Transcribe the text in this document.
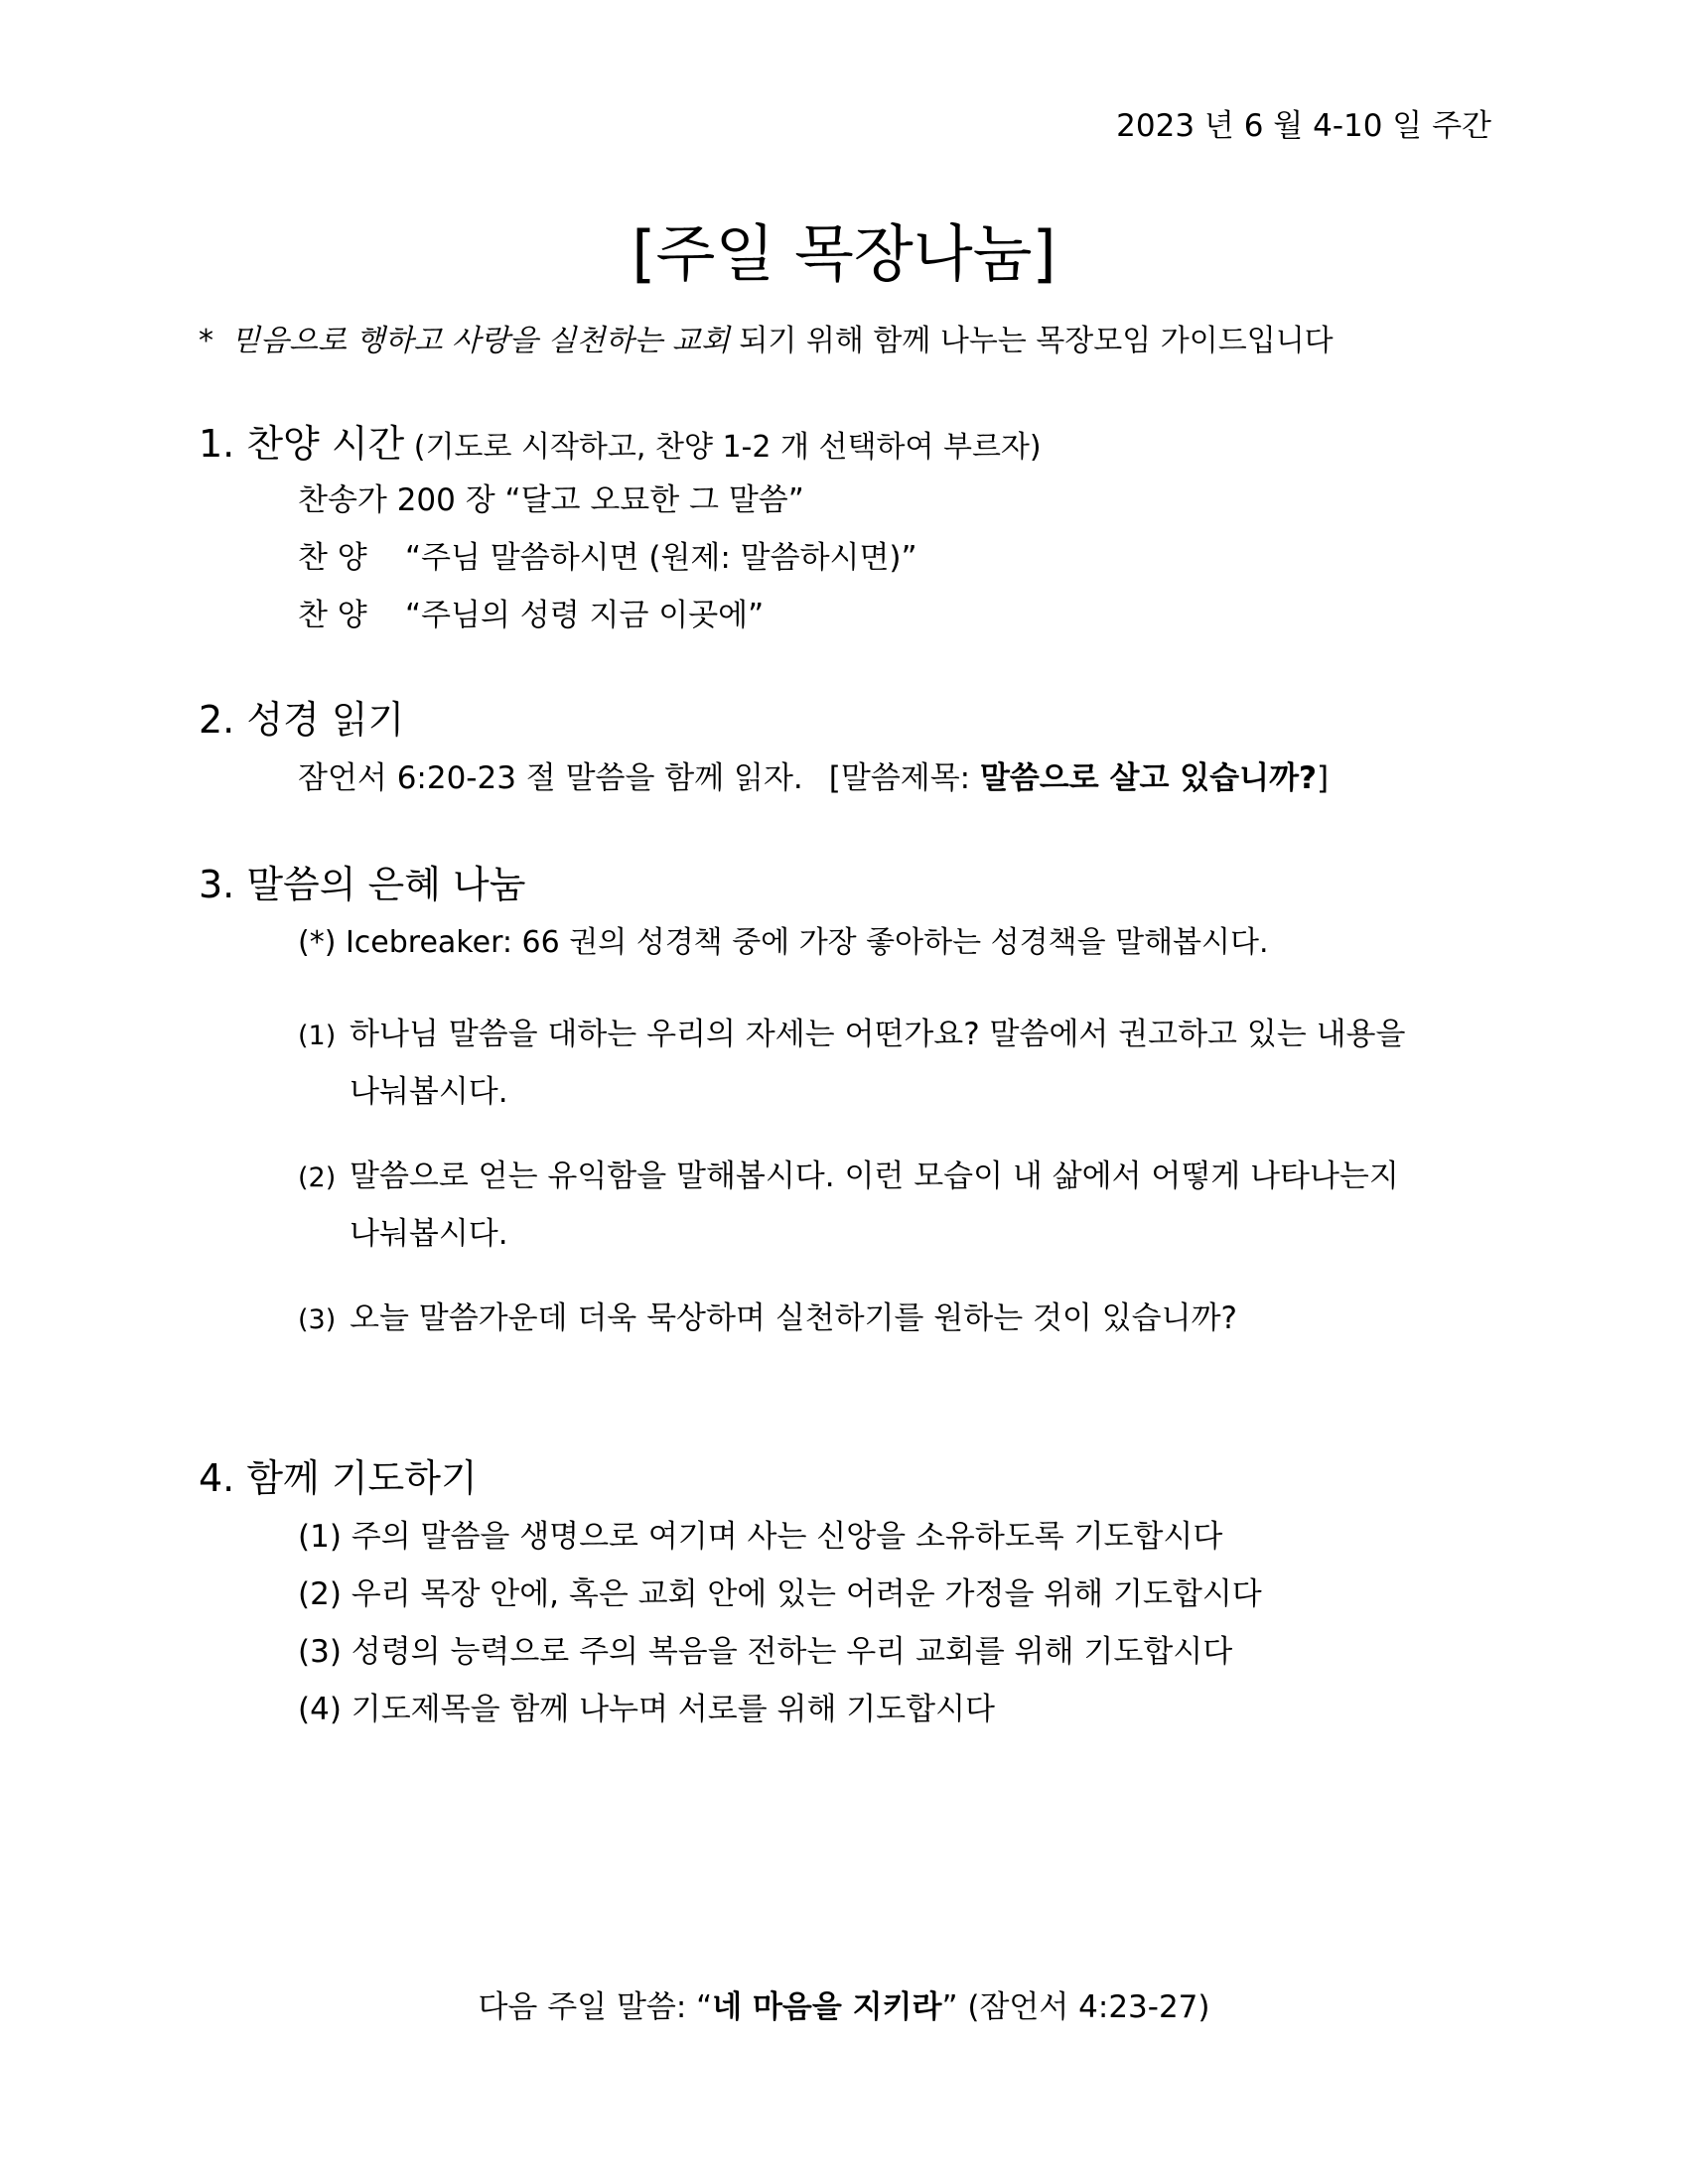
2023 년 6 월 4-10 일 주간
[주일 목장나눔]
* 믿음으로 행하고 사랑을 실천하는 교회 되기 위해 함께 나누는 목장모임 가이드입니다
1. 찬양 시간 (기도로 시작하고, 찬양 1-2 개 선택하여 부르자)
찬송가 200 장 “달고 오묘한 그 말씀”
찬 양 “주님 말씀하시면 (원제: 말씀하시면)”
찬 양 “주님의 성령 지금 이곳에”
2. 성경 읽기
잠언서 6:20-23 절 말씀을 함께 읽자. [말씀제목: 말씀으로 살고 있습니까?]
3. 말씀의 은혜 나눔
(*) Icebreaker: 66 권의 성경책 중에 가장 좋아하는 성경책을 말해봅시다.
(1) 하나님 말씀을 대하는 우리의 자세는 어떤가요? 말씀에서 권고하고 있는 내용을
나눠봅시다.
(2) 말씀으로 얻는 유익함을 말해봅시다. 이런 모습이 내 삶에서 어떻게 나타나는지
나눠봅시다.
(3) 오늘 말씀가운데 더욱 묵상하며 실천하기를 원하는 것이 있습니까?
4. 함께 기도하기
(1) 주의 말씀을 생명으로 여기며 사는 신앙을 소유하도록 기도합시다
(2) 우리 목장 안에, 혹은 교회 안에 있는 어려운 가정을 위해 기도합시다
(3) 성령의 능력으로 주의 복음을 전하는 우리 교회를 위해 기도합시다
(4) 기도제목을 함께 나누며 서로를 위해 기도합시다
다음 주일 말씀: “네 마음을 지키라” (잠언서 4:23-27)
